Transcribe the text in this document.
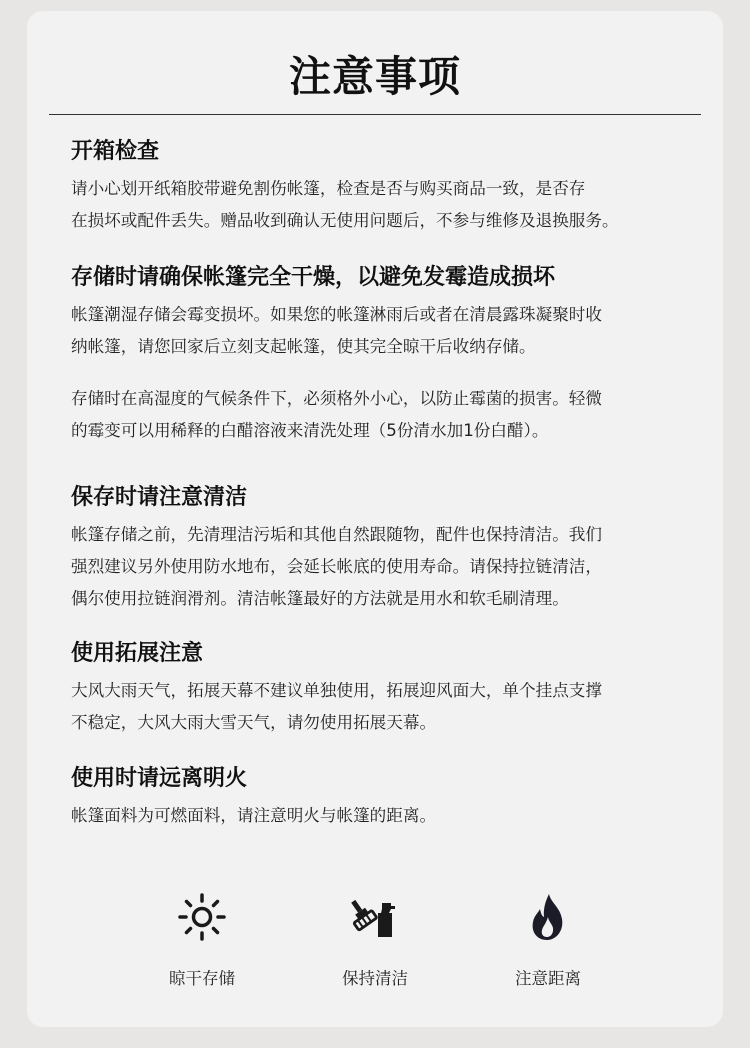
注意事项
开箱检查

请小心划开纸箱胶带避免割伤帐篷，检查是否与购买商品一致，是否存
在损坏或配件丢失。赠品收到确认无使用问题后，不参与维修及退换服务。

存储时请确保帐篷完全干燥，以避免发霉造成损坏

帐篷潮湿存储会霉变损坏。如果您的帐篷淋雨后或者在清晨露珠凝聚时收
纳帐篷，请您回家后立刻支起帐篷，使其完全晾干后收纳存储。

存储时在高湿度的气候条件下，必须格外小心，以防止霉菌的损害。轻微
的霉变可以用稀释的白醋溶液来清洗处理（5份清水加1份白醋）。

保存时请注意清洁

帐篷存储之前，先清理洁污垢和其他自然跟随物，配件也保持清洁。我们
强烈建议另外使用防水地布，会延长帐底的使用寿命。请保持拉链清洁，
偶尔使用拉链润滑剂。清洁帐篷最好的方法就是用水和软毛刷清理。

使用拓展注意

大风大雨天气，拓展天幕不建议单独使用，拓展迎风面大，单个挂点支撑
不稳定，大风大雨大雪天气，请勿使用拓展天幕。

使用时请远离明火

帐篷面料为可燃面料，请注意明火与帐篷的距离。

晾干存储	保持清洁	注意距离
